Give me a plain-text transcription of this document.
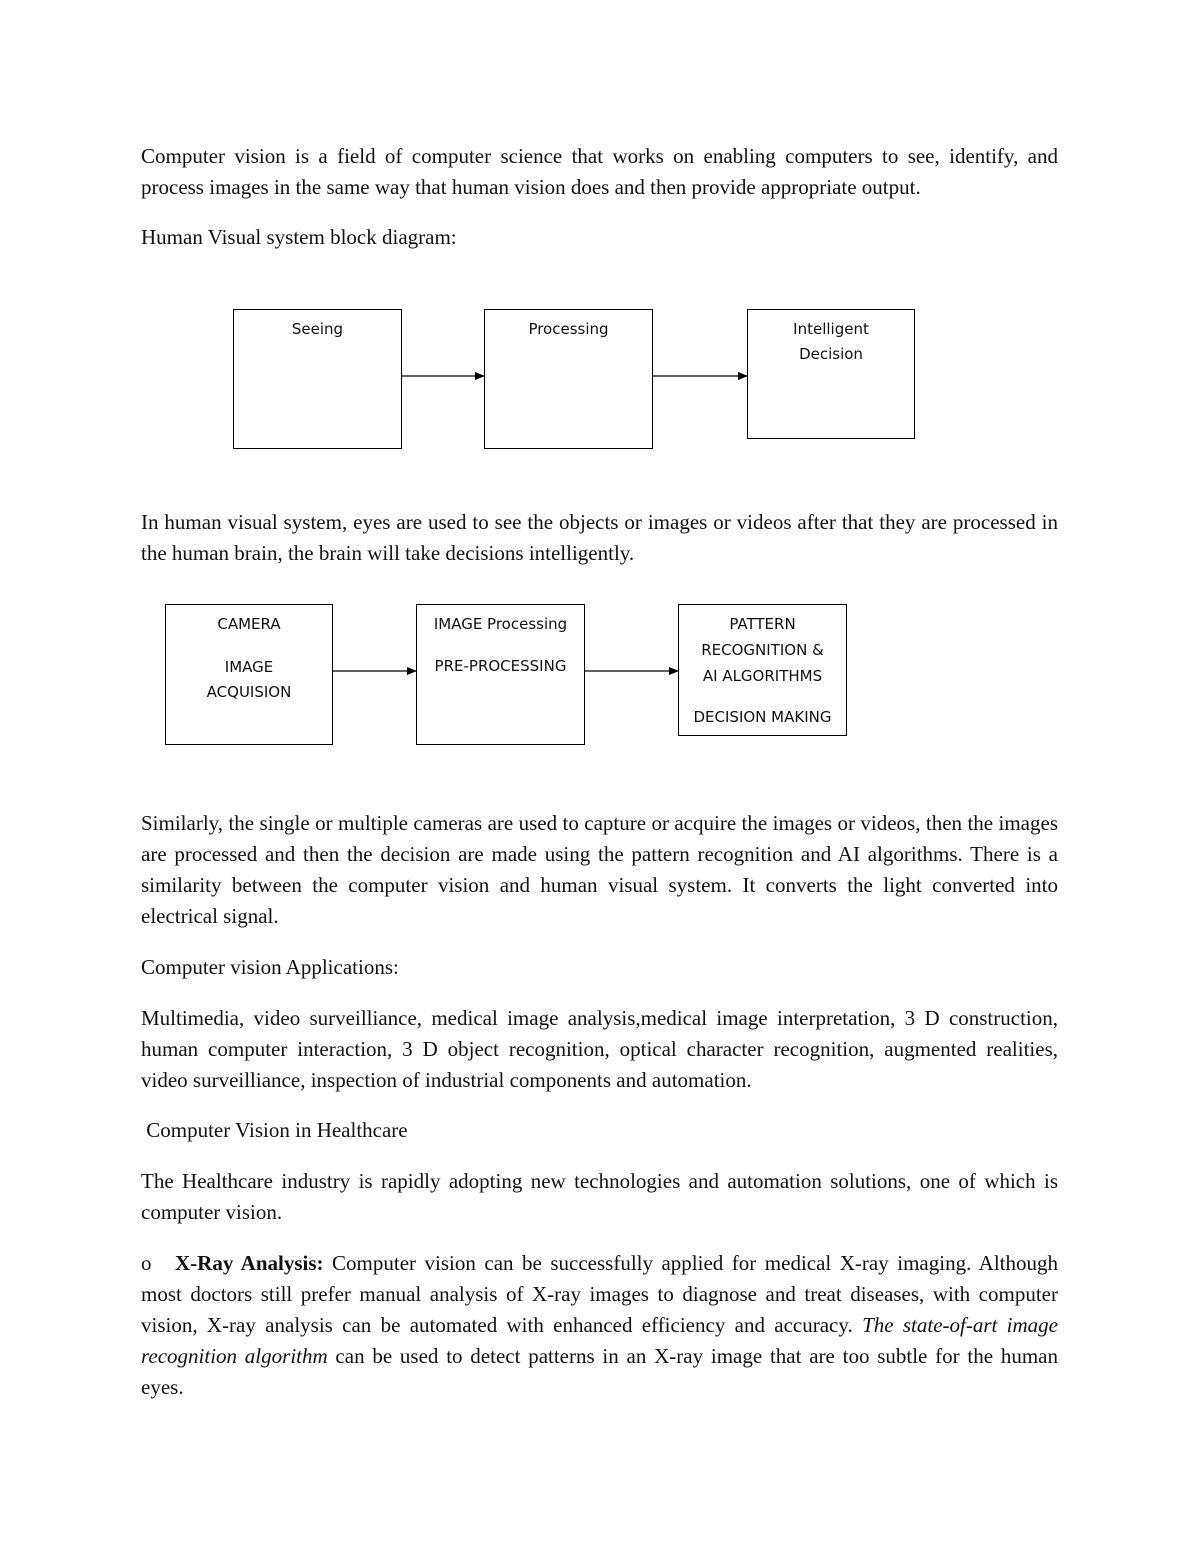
Computer vision is a field of computer science that works on enabling computers to see, identify, and process images in the same way that human vision does and then provide appropriate output.
Human Visual system block diagram:
Seeing	Processing	Intelligent
Decision
In human visual system, eyes are used to see the objects or images or videos after that they are processed in the human brain, the brain will take decisions intelligently.
CAMERA
IMAGE
ACQUISION
IMAGE Processing
PRE-PROCESSING
PATTERN
RECOGNITION &
AI ALGORITHMS
DECISION MAKING
Similarly, the single or multiple cameras are used to capture or acquire the images or videos, then the images are processed and then the decision are made using the pattern recognition and AI algorithms. There is a similarity between the computer vision and human visual system. It converts the light converted into electrical signal.
Computer vision Applications:
Multimedia, video surveilliance, medical image analysis,medical image interpretation, 3 D construction, human computer interaction, 3 D object recognition, optical character recognition, augmented realities, video surveilliance, inspection of industrial components and automation.
Computer Vision in Healthcare
The Healthcare industry is rapidly adopting new technologies and automation solutions, one of which is computer vision.
o X-Ray Analysis: Computer vision can be successfully applied for medical X-ray imaging. Although most doctors still prefer manual analysis of X-ray images to diagnose and treat diseases, with computer vision, X-ray analysis can be automated with enhanced efficiency and accuracy. The state-of-art image recognition algorithm can be used to detect patterns in an X-ray image that are too subtle for the human eyes.
